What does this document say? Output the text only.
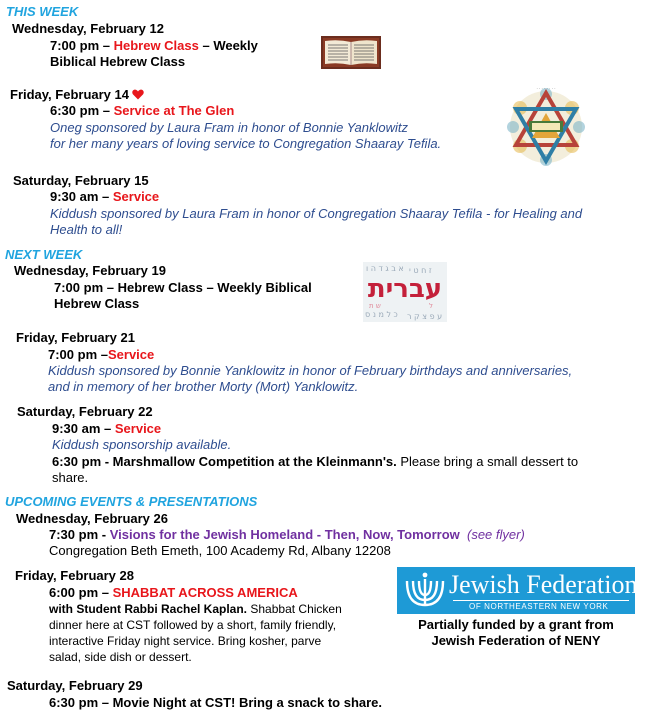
THIS WEEK
Wednesday, February 12
7:00 pm – Hebrew Class – Weekly
Biblical Hebrew Class
Friday, February 14
6:30 pm – Service at The Glen
Oneg sponsored by Laura Fram in honor of Bonnie Yanklowitz
for her many years of loving service to Congregation Shaaray Tefila.
. . . . . . . .
Saturday, February 15
9:30 am – Service
Kiddush sponsored by Laura Fram in honor of Congregation Shaaray Tefila - for Healing and
Health to all!
NEXT WEEK
Wednesday, February 19
7:00 pm – Hebrew Class – Weekly Biblical
Hebrew Class
א ב ג ד ה ו ז ח ט י
כ ל מ נ ס ע פ צ ק ר
ש ת	ל
עברית
Friday, February 21
7:00 pm –Service
Kiddush sponsored by Bonnie Yanklowitz in honor of February birthdays and anniversaries,
and in memory of her brother Morty (Mort) Yanklowitz.
Saturday, February 22
9:30 am – Service
Kiddush sponsorship available.
6:30 pm - Marshmallow Competition at the Kleinmann's. Please bring a small dessert to
share.
UPCOMING EVENTS & PRESENTATIONS
Wednesday, February 26
7:30 pm - Visions for the Jewish Homeland - Then, Now, Tomorrow (see flyer)
Congregation Beth Emeth, 100 Academy Rd, Albany 12208
Friday, February 28
6:00 pm – SHABBAT ACROSS AMERICA
with Student Rabbi Rachel Kaplan. Shabbat Chicken
dinner here at CST followed by a short, family friendly,
interactive Friday night service. Bring kosher, parve
salad, side dish or dessert.
Jewish Federation
OF NORTHEASTERN NEW YORK
Partially funded by a grant from
Jewish Federation of NENY
Saturday, February 29
6:30 pm – Movie Night at CST! Bring a snack to share.
